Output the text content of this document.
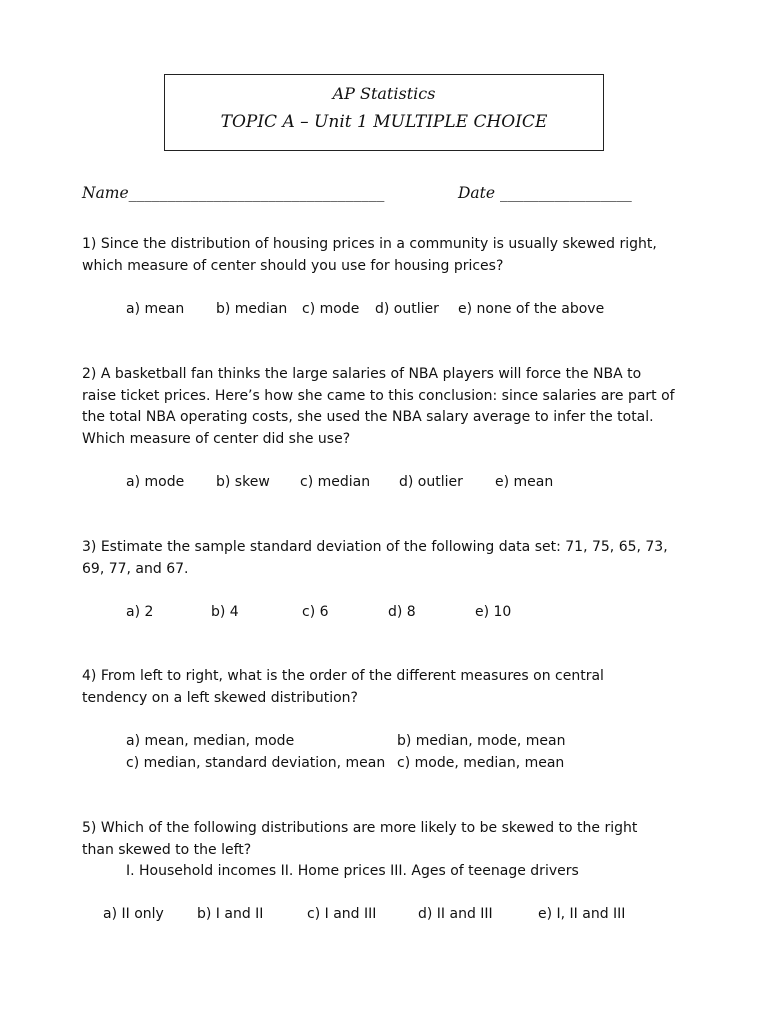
AP Statistics
TOPIC A – Unit 1 MULTIPLE CHOICE
Name_________________________________	Date _________________
1) Since the distribution of housing prices in a community is usually skewed right,
which measure of center should you use for housing prices?
a) mean b) median c) mode d) outlier e) none of the above
2) A basketball fan thinks the large salaries of NBA players will force the NBA to
raise ticket prices. Here’s how she came to this conclusion: since salaries are part of
the total NBA operating costs, she used the NBA salary average to infer the total.
Which measure of center did she use?
a) mode b) skew c) median d) outlier e) mean
3) Estimate the sample standard deviation of the following data set: 71, 75, 65, 73,
69, 77, and 67.
a) 2	b) 4	c) 6	d) 8	e) 10
4) From left to right, what is the order of the different measures on central
tendency on a left skewed distribution?
a) mean, median, mode	b) median, mode, mean
c) median, standard deviation, mean c) mode, median, mean
5) Which of the following distributions are more likely to be skewed to the right
than skewed to the left?
I. Household incomes II. Home prices III. Ages of teenage drivers
a) II only b) I and II	c) I and III	d) II and III	e) I, II and III
